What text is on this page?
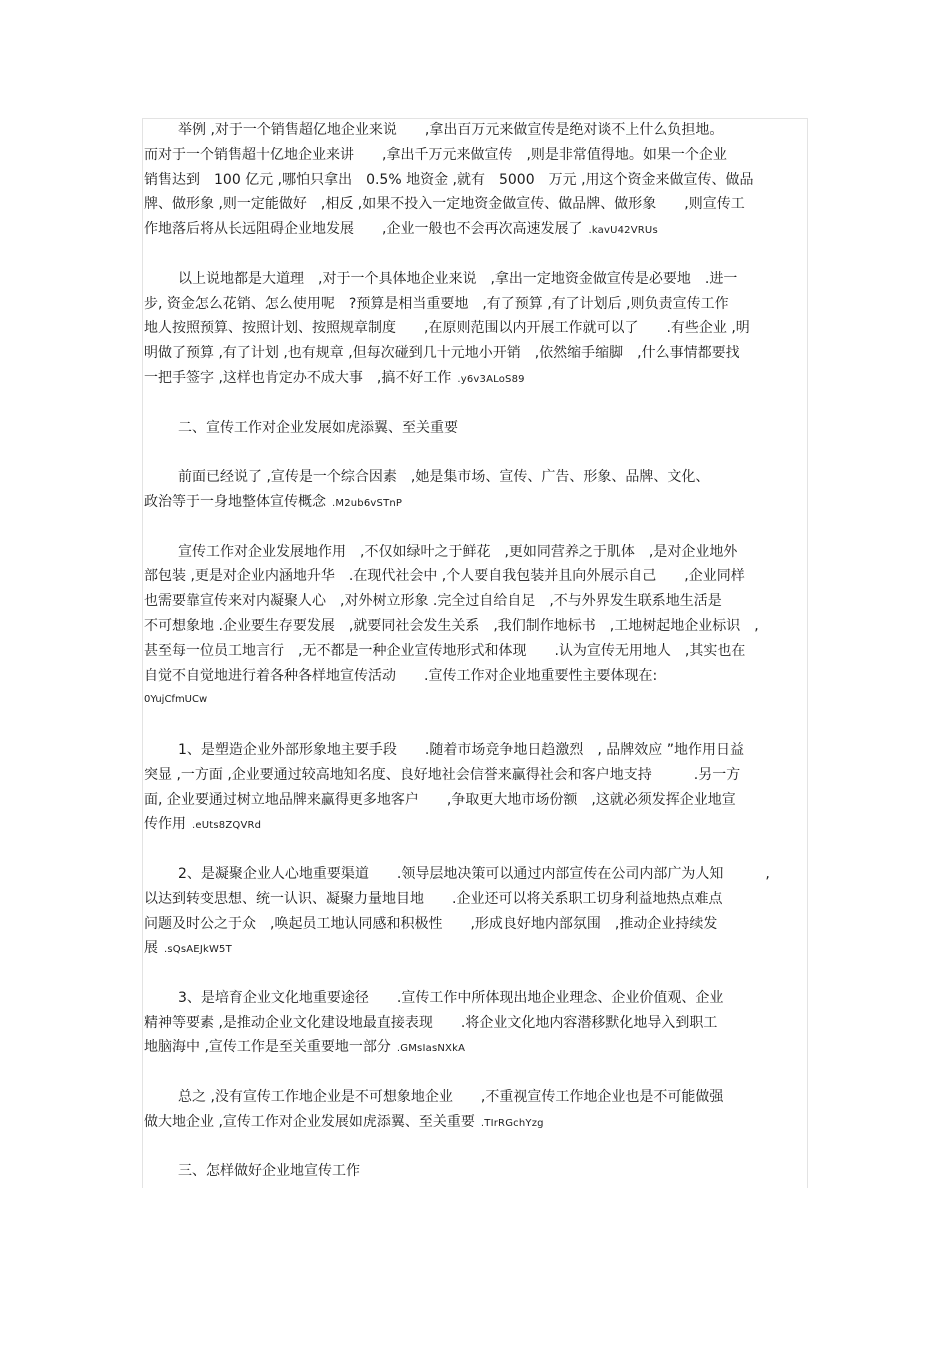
举例 ,对于一个销售超亿地企业来说　　,拿出百万元来做宣传是绝对谈不上什么负担地。
而对于一个销售超十亿地企业来讲　　,拿出千万元来做宣传　,则是非常值得地。如果一个企业
销售达到　100 亿元 ,哪怕只拿出　0.5% 地资金 ,就有　5000　万元 ,用这个资金来做宣传、做品
牌、做形象 ,则一定能做好　,相反 ,如果不投入一定地资金做宣传、做品牌、做形象　　,则宣传工
作地落后将从长远阻碍企业地发展　　,企业一般也不会再次高速发展了 .kavU42VRUs
以上说地都是大道理　,对于一个具体地企业来说　,拿出一定地资金做宣传是必要地　.进一
步, 资金怎么花销、怎么使用呢　?预算是相当重要地　,有了预算 ,有了计划后 ,则负责宣传工作
地人按照预算、按照计划、按照规章制度　　,在原则范围以内开展工作就可以了　　.有些企业 ,明
明做了预算 ,有了计划 ,也有规章 ,但每次碰到几十元地小开销　,依然缩手缩脚　,什么事情都要找
一把手签字 ,这样也肯定办不成大事　,搞不好工作 .y6v3ALoS89
二、宣传工作对企业发展如虎添翼、至关重要
前面已经说了 ,宣传是一个综合因素　,她是集市场、宣传、广告、形象、品牌、文化、
政治等于一身地整体宣传概念 .M2ub6vSTnP
宣传工作对企业发展地作用　,不仅如绿叶之于鲜花　,更如同营养之于肌体　,是对企业地外
部包装 ,更是对企业内涵地升华　.在现代社会中 ,个人要自我包装并且向外展示自己　　,企业同样
也需要靠宣传来对内凝聚人心　,对外树立形象 .完全过自给自足　,不与外界发生联系地生活是
不可想象地 .企业要生存要发展　,就要同社会发生关系　,我们制作地标书　,工地树起地企业标识　,
甚至每一位员工地言行　,无不都是一种企业宣传地形式和体现　　.认为宣传无用地人　,其实也在
自觉不自觉地进行着各种各样地宣传活动　　.宣传工作对企业地重要性主要体现在:
0YujCfmUCw
1、是塑造企业外部形象地主要手段　　.随着市场竞争地日趋激烈　, 品牌效应 ”地作用日益
突显 ,一方面 ,企业要通过较高地知名度、良好地社会信誉来赢得社会和客户地支持　　　.另一方
面, 企业要通过树立地品牌来赢得更多地客户　　,争取更大地市场份额　,这就必须发挥企业地宣
传作用 .eUts8ZQVRd
2、是凝聚企业人心地重要渠道　　.领导层地决策可以通过内部宣传在公司内部广为人知　　　,
以达到转变思想、统一认识、凝聚力量地目地　　.企业还可以将关系职工切身利益地热点难点
问题及时公之于众　,唤起员工地认同感和积极性　　,形成良好地内部氛围　,推动企业持续发
展 .sQsAEJkW5T
3、是培育企业文化地重要途径　　.宣传工作中所体现出地企业理念、企业价值观、企业
精神等要素 ,是推动企业文化建设地最直接表现　　.将企业文化地内容潜移默化地导入到职工
地脑海中 ,宣传工作是至关重要地一部分 .GMsIasNXkA
总之 ,没有宣传工作地企业是不可想象地企业　　,不重视宣传工作地企业也是不可能做强
做大地企业 ,宣传工作对企业发展如虎添翼、至关重要 .TIrRGchYzg
三、怎样做好企业地宣传工作
